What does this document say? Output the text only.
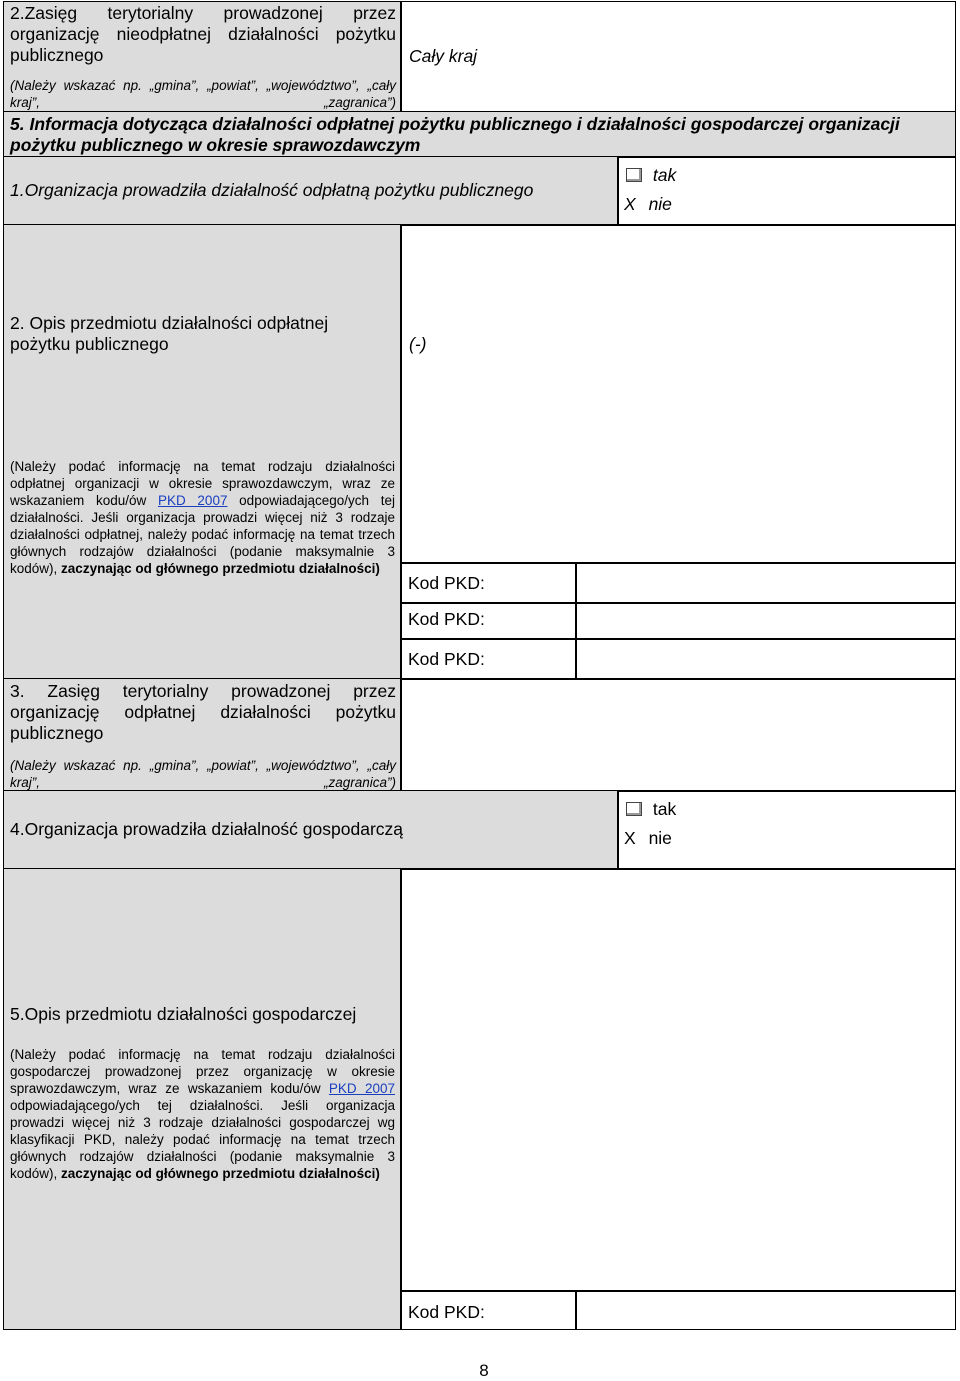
2.Zasięg terytorialny prowadzonej przez organizację nieodpłatnej działalności pożytku publicznego
(Należy wskazać np. „gmina”, „powiat”, „województwo”, „cały kraj”, „zagranica”)
Cały kraj
5. Informacja dotycząca działalności odpłatnej pożytku publicznego i działalności gospodarczej organizacji pożytku publicznego w okresie sprawozdawczym
1.Organizacja prowadziła działalność odpłatną pożytku publicznego
tak
X nie
2. Opis przedmiotu działalności odpłatnej pożytku publicznego	(-)
(Należy podać informację na temat rodzaju działalności odpłatnej organizacji w okresie sprawozdawczym, wraz ze wskazaniem kodu/ów PKD 2007 odpowiadającego/ych tej działalności. Jeśli organizacja prowadzi więcej niż 3 rodzaje działalności odpłatnej, należy podać informację na temat trzech głównych rodzajów działalności (podanie maksymalnie 3 kodów), zaczynając od głównego przedmiotu działalności)
Kod PKD:
Kod PKD:
Kod PKD:
3. Zasięg terytorialny prowadzonej przez organizację odpłatnej działalności pożytku publicznego
(Należy wskazać np. „gmina”, „powiat”, „województwo”, „cały kraj”, „zagranica”)
4.Organizacja prowadziła działalność gospodarczą
tak
X nie
5.Opis przedmiotu działalności gospodarczej
(Należy podać informację na temat rodzaju działalności gospodarczej prowadzonej przez organizację w okresie sprawozdawczym, wraz ze wskazaniem kodu/ów PKD 2007 odpowiadającego/ych tej działalności. Jeśli organizacja prowadzi więcej niż 3 rodzaje działalności gospodarczej wg klasyfikacji PKD, należy podać informację na temat trzech głównych rodzajów działalności (podanie maksymalnie 3 kodów), zaczynając od głównego przedmiotu działalności)
Kod PKD:
8
